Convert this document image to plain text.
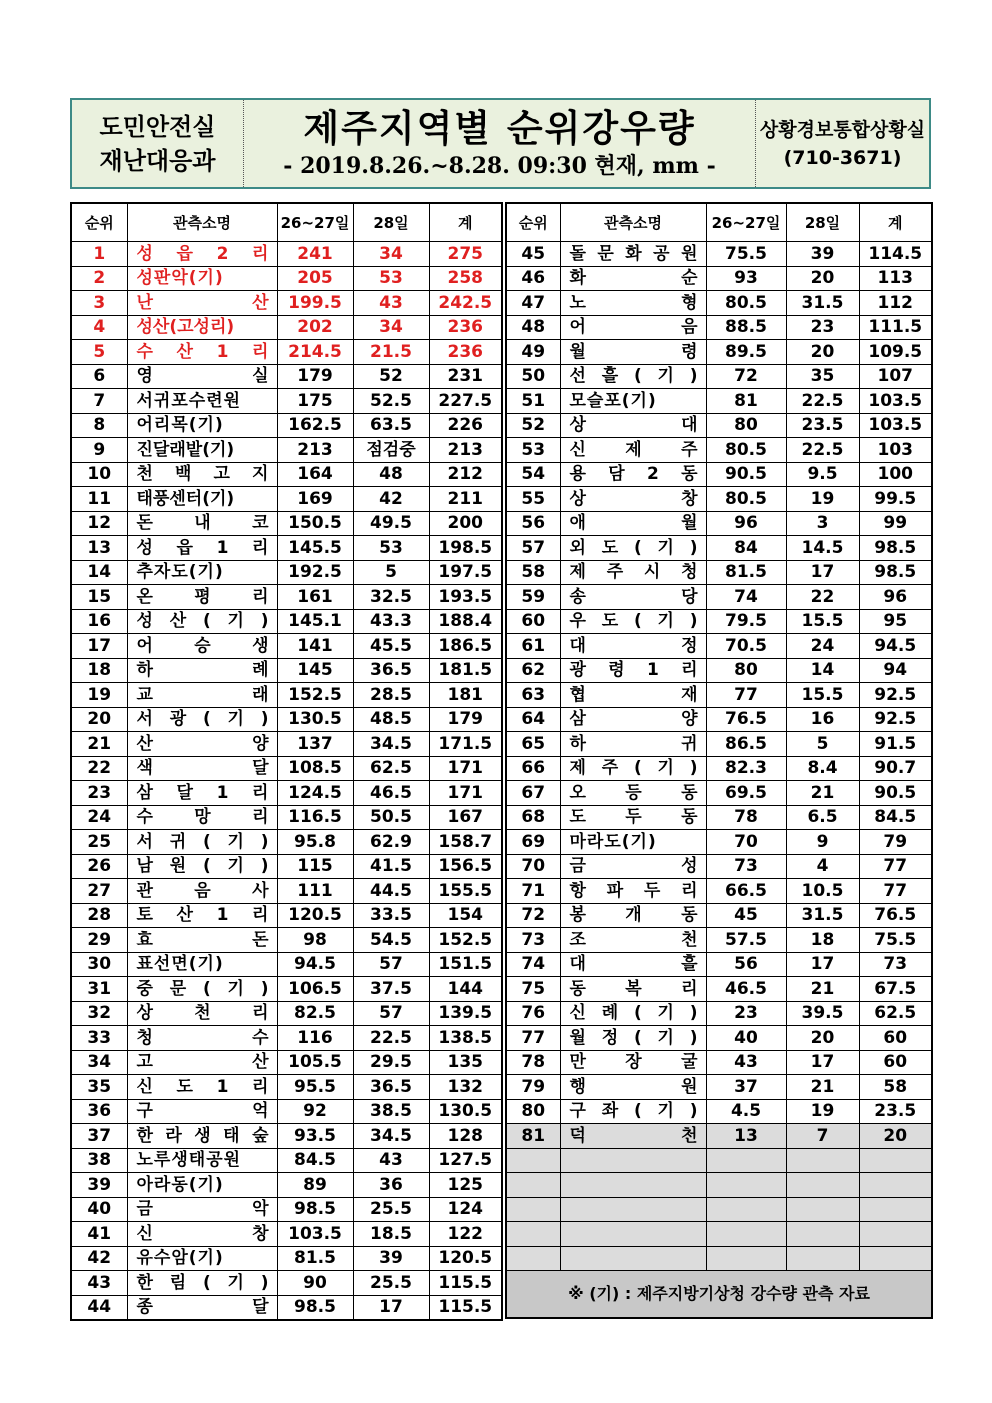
도민안전실
재난대응과
제주지역별 순위강우량
- 2019.8.26.~8.28. 09:30 현재, mm -
상황경보통합상황실
(710-3671)
순위	관측소명	26~27일	28일	계
1	성 읍 2 리	241	34	275
2	성판악(기)	205	53	258
3	난 산	199.5	43	242.5
4	성산(고성리)	202	34	236
5	수 산 1 리	214.5	21.5	236
6	영 실	179	52	231
7	서귀포수련원	175	52.5	227.5
8	어리목(기)	162.5	63.5	226
9	진달래밭(기)	213	점검중	213
10	천 백 고 지	164	48	212
11	태풍센터(기)	169	42	211
12	돈 내 코	150.5	49.5	200
13	성 읍 1 리	145.5	53	198.5
14	추자도(기)	192.5	5	197.5
15	온 평 리	161	32.5	193.5
16	성 산 ( 기 )	145.1	43.3	188.4
17	어 승 생	141	45.5	186.5
18	하 례	145	36.5	181.5
19	교 래	152.5	28.5	181
20	서 광 ( 기 )	130.5	48.5	179
21	산 양	137	34.5	171.5
22	색 달	108.5	62.5	171
23	삼 달 1 리	124.5	46.5	171
24	수 망 리	116.5	50.5	167
25	서 귀 ( 기 )	95.8	62.9	158.7
26	남 원 ( 기 )	115	41.5	156.5
27	관 음 사	111	44.5	155.5
28	토 산 1 리	120.5	33.5	154
29	효 돈	98	54.5	152.5
30	표선면(기)	94.5	57	151.5
31	중 문 ( 기 )	106.5	37.5	144
32	상 천 리	82.5	57	139.5
33	청 수	116	22.5	138.5
34	고 산	105.5	29.5	135
35	신 도 1 리	95.5	36.5	132
36	구 억	92	38.5	130.5
37	한 라 생 태 숲	93.5	34.5	128
38	노루생태공원	84.5	43	127.5
39	아라동(기)	89	36	125
40	금 악	98.5	25.5	124
41	신 창	103.5	18.5	122
42	유수암(기)	81.5	39	120.5
43	한 림 ( 기 )	90	25.5	115.5
44	종 달	98.5	17	115.5
순위	관측소명	26~27일	28일	계
45	돌 문 화 공 원	75.5	39	114.5
46	화 순	93	20	113
47	노 형	80.5	31.5	112
48	어 음	88.5	23	111.5
49	월 령	89.5	20	109.5
50	선 흘 ( 기 )	72	35	107
51	모슬포(기)	81	22.5	103.5
52	상 대	80	23.5	103.5
53	신 제 주	80.5	22.5	103
54	용 담 2 동	90.5	9.5	100
55	상 창	80.5	19	99.5
56	애 월	96	3	99
57	외 도 ( 기 )	84	14.5	98.5
58	제 주 시 청	81.5	17	98.5
59	송 당	74	22	96
60	우 도 ( 기 )	79.5	15.5	95
61	대 정	70.5	24	94.5
62	광 령 1 리	80	14	94
63	협 재	77	15.5	92.5
64	삼 양	76.5	16	92.5
65	하 귀	86.5	5	91.5
66	제 주 ( 기 )	82.3	8.4	90.7
67	오 등 동	69.5	21	90.5
68	도 두 동	78	6.5	84.5
69	마라도(기)	70	9	79
70	금 성	73	4	77
71	항 파 두 리	66.5	10.5	77
72	봉 개 동	45	31.5	76.5
73	조 천	57.5	18	75.5
74	대 흘	56	17	73
75	동 복 리	46.5	21	67.5
76	신 례 ( 기 )	23	39.5	62.5
77	월 정 ( 기 )	40	20	60
78	만 장 굴	43	17	60
79	행 원	37	21	58
80	구 좌 ( 기 )	4.5	19	23.5
81	덕 천	13	7	20

※ (기) : 제주지방기상청 강수량 관측 자료				
